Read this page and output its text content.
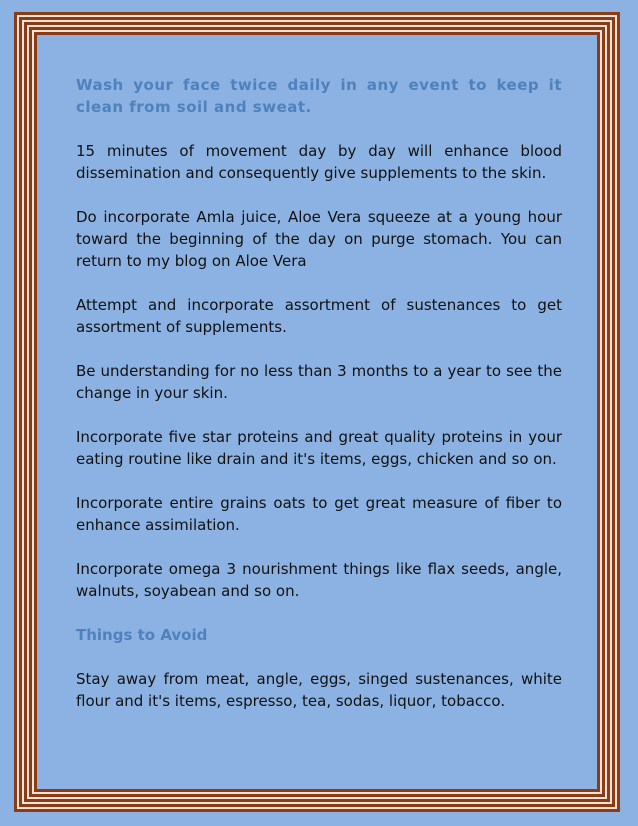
Wash your face twice daily in any event to keep it clean from soil and sweat.

15 minutes of movement day by day will enhance blood dissemination and consequently give supplements to the skin.

Do incorporate Amla juice, Aloe Vera squeeze at a young hour toward the beginning of the day on purge stomach. You can return to my blog on Aloe Vera

Attempt and incorporate assortment of sustenances to get assortment of supplements.

Be understanding for no less than 3 months to a year to see the change in your skin.

Incorporate five star proteins and great quality proteins in your eating routine like drain and it's items, eggs, chicken and so on.

Incorporate entire grains oats to get great measure of fiber to enhance assimilation.

Incorporate omega 3 nourishment things like flax seeds, angle, walnuts, soyabean and so on.

Things to Avoid

Stay away from meat, angle, eggs, singed sustenances, white flour and it's items, espresso, tea, sodas, liquor, tobacco.
